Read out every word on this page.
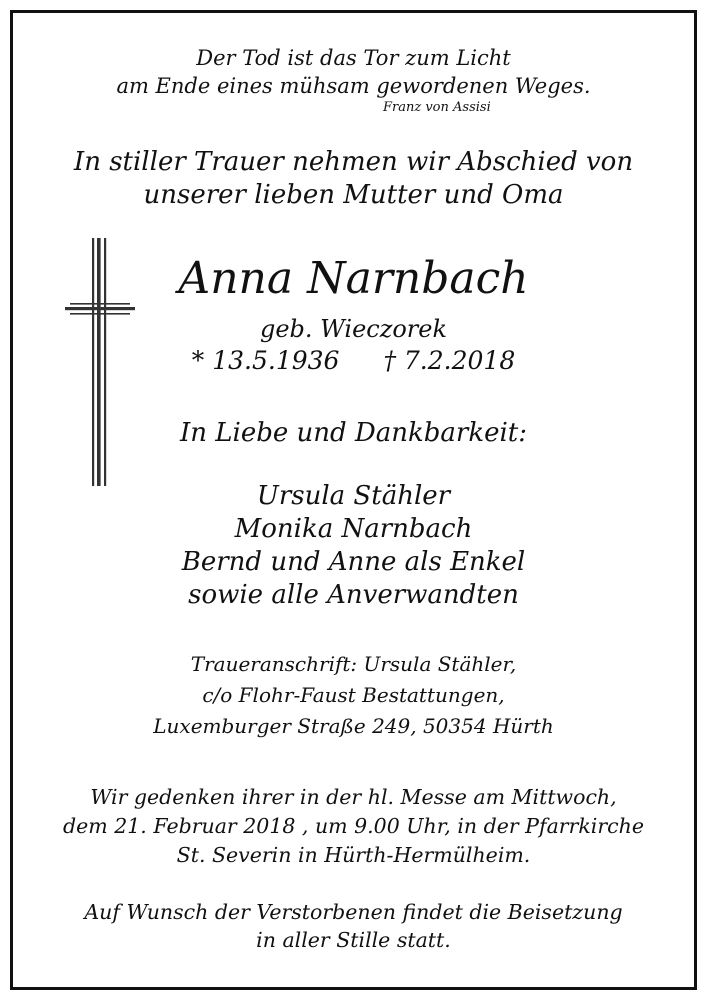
Der Tod ist das Tor zum Licht
am Ende eines mühsam gewordenen Weges.
Franz von Assisi
In stiller Trauer nehmen wir Abschied von
unserer lieben Mutter und Oma
Anna Narnbach
geb. Wieczorek
* 13.5.1936 † 7.2.2018
In Liebe und Dankbarkeit:
Ursula Stähler
Monika Narnbach
Bernd und Anne als Enkel
sowie alle Anverwandten
Traueranschrift: Ursula Stähler,
c/o Flohr-Faust Bestattungen,
Luxemburger Straße 249, 50354 Hürth
Wir gedenken ihrer in der hl. Messe am Mittwoch,
dem 21. Februar 2018 , um 9.00 Uhr, in der Pfarrkirche
St. Severin in Hürth-Hermülheim.
Auf Wunsch der Verstorbenen findet die Beisetzung
in aller Stille statt.
